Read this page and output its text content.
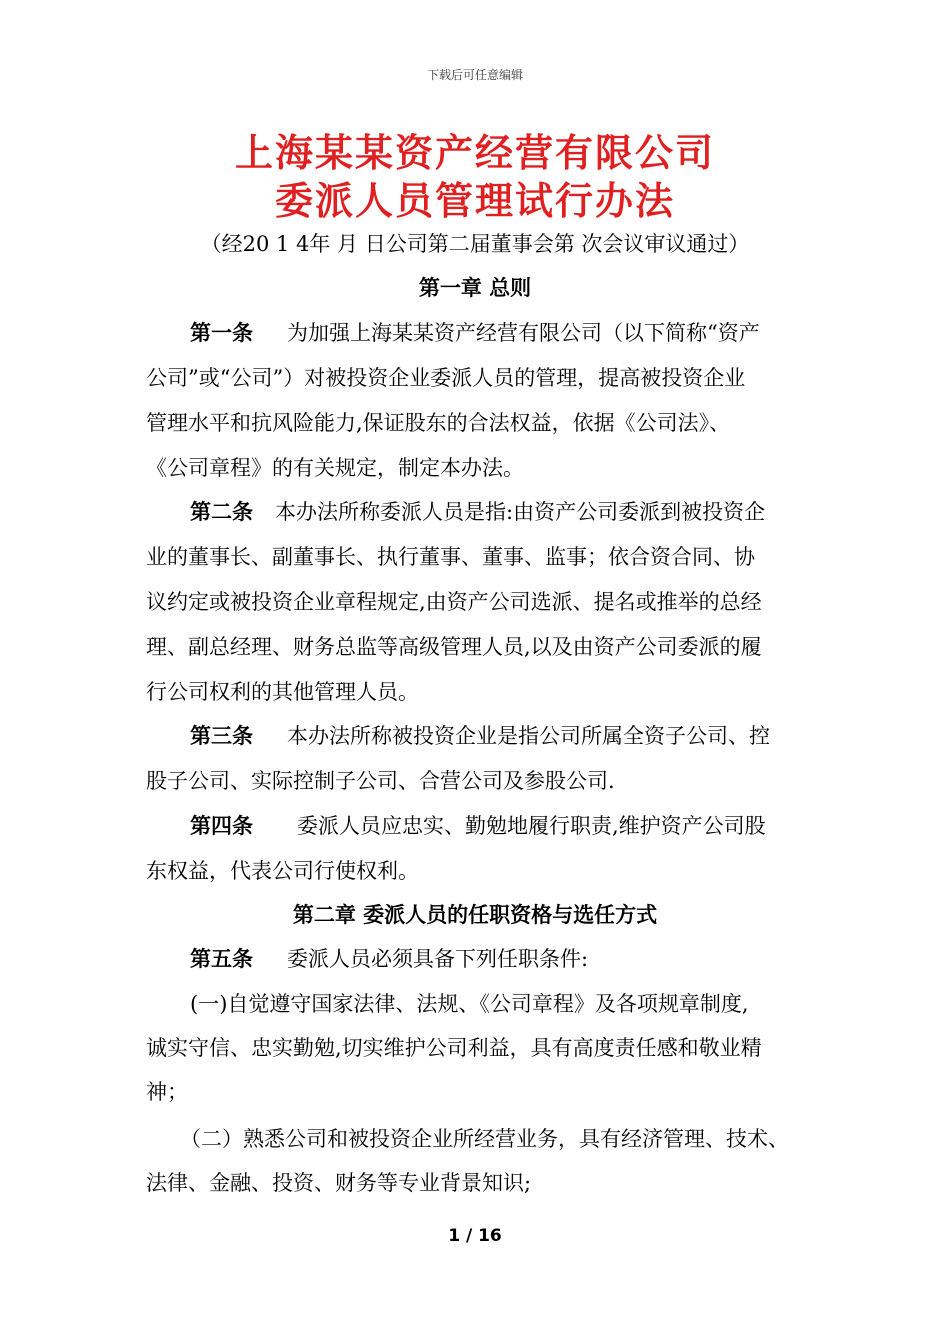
下载后可任意编辑
上海某某资产经营有限公司
委派人员管理试行办法
（经20 1 4年 月 日公司第二届董事会第 次会议审议通过）
第一章 总则
第一条 为加强上海某某资产经营有限公司（以下简称“资产
公司”或“公司”）对被投资企业委派人员的管理，提高被投资企业
管理水平和抗风险能力,保证股东的合法权益，依据《公司法》、
《公司章程》的有关规定，制定本办法。
第二条 本办法所称委派人员是指:由资产公司委派到被投资企
业的董事长、副董事长、执行董事、董事、监事；依合资合同、协
议约定或被投资企业章程规定,由资产公司选派、提名或推举的总经
理、副总经理、财务总监等高级管理人员,以及由资产公司委派的履
行公司权利的其他管理人员。
第三条 本办法所称被投资企业是指公司所属全资子公司、控
股子公司、实际控制子公司、合营公司及参股公司.
第四条 委派人员应忠实、勤勉地履行职责,维护资产公司股
东权益，代表公司行使权利。
第二章 委派人员的任职资格与选任方式
第五条 委派人员必须具备下列任职条件:
(一)自觉遵守国家法律、法规、《公司章程》及各项规章制度,
诚实守信、忠实勤勉,切实维护公司利益，具有高度责任感和敬业精
神；
（二）熟悉公司和被投资企业所经营业务，具有经济管理、技术、
法律、金融、投资、财务等专业背景知识;
1 / 16
